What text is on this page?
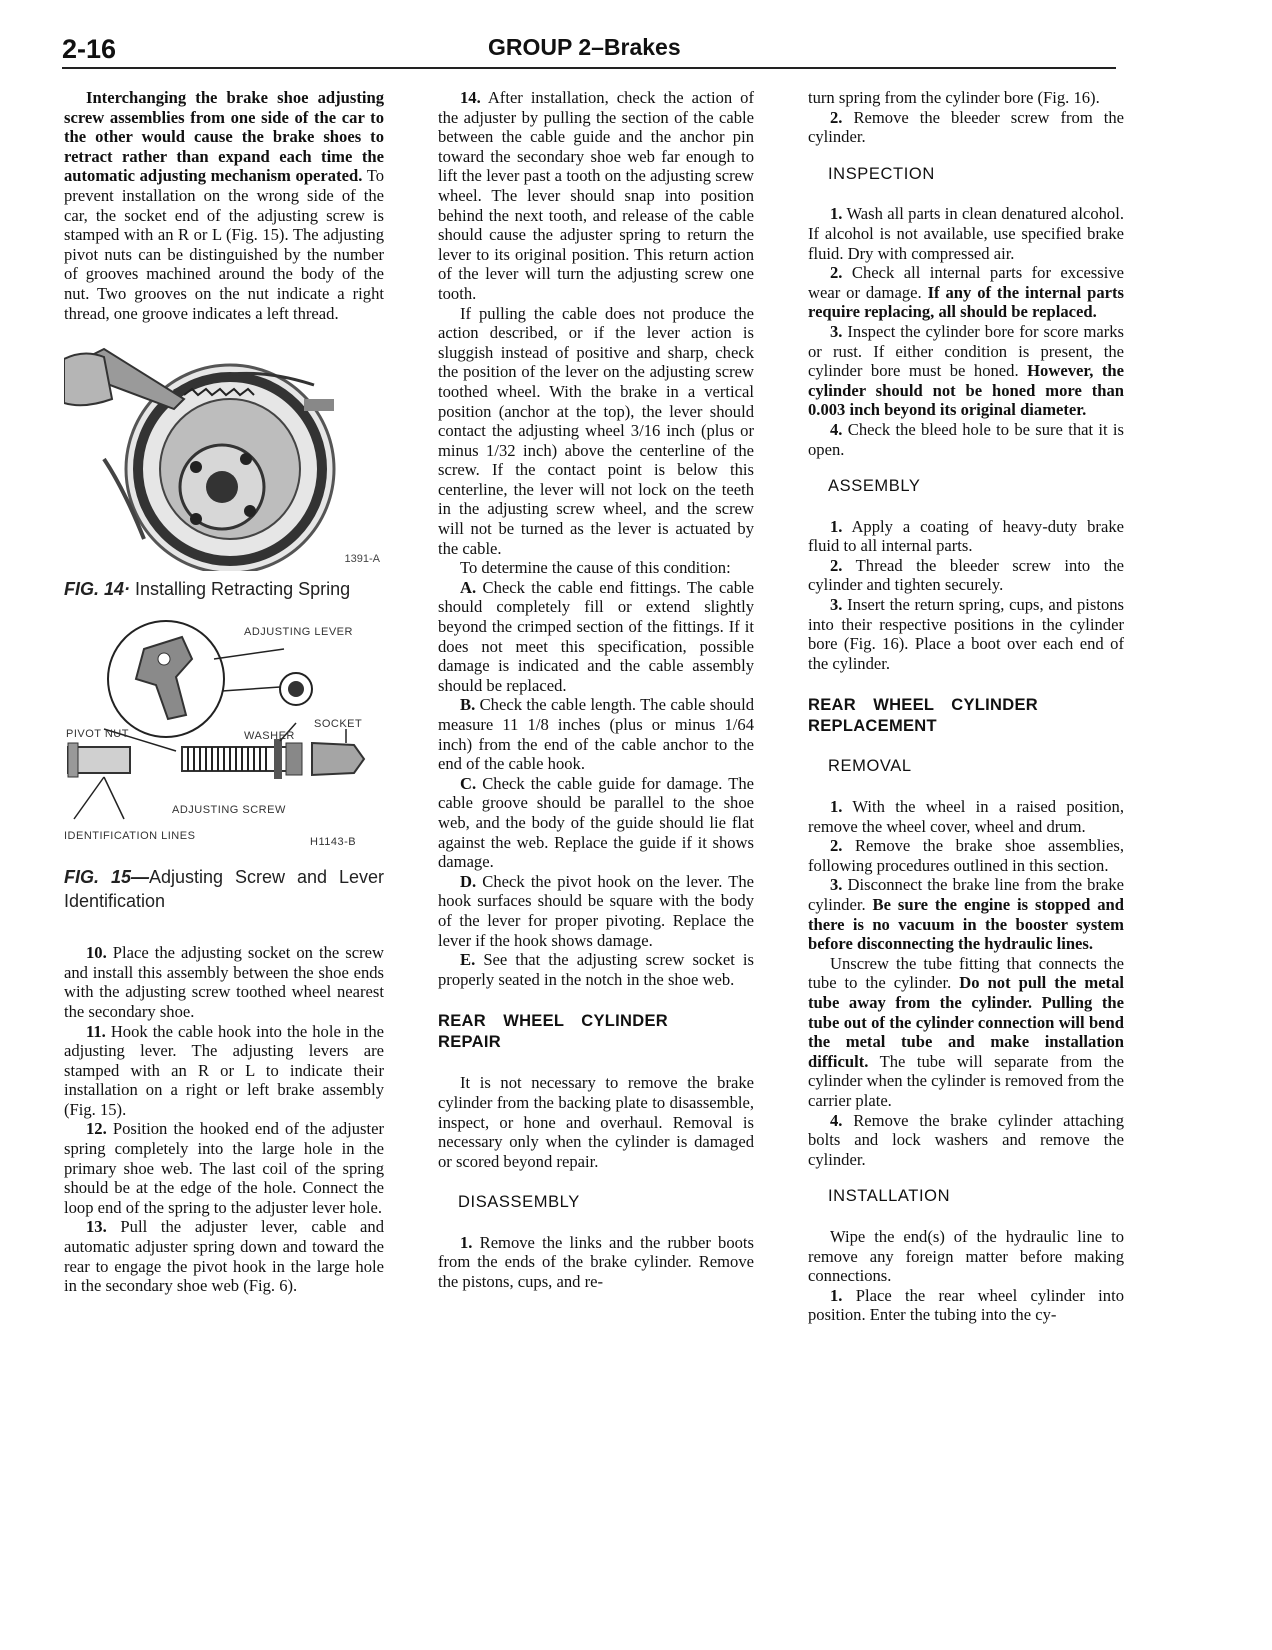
2-16	GROUP 2–Brakes

Interchanging the brake shoe adjusting screw assemblies from one side of the car to the other would cause the brake shoes to retract rather than expand each time the automatic adjusting mechanism operated. To prevent installation on the wrong side of the car, the socket end of the adjusting screw is stamped with an R or L (Fig. 15). The adjusting pivot nuts can be distinguished by the number of grooves machined around the body of the nut. Two grooves on the nut indicate a right thread, one groove indicates a left thread.

1391-A
FIG. 14· Installing Retracting Spring
ADJUSTING LEVER
PIVOT NUT	WASHER
SOCKET
ADJUSTING SCREW
IDENTIFICATION LINES	H1143-B
FIG. 15—Adjusting Screw and Lever Identification

10. Place the adjusting socket on the screw and install this assembly between the shoe ends with the adjusting screw toothed wheel nearest the secondary shoe.

11. Hook the cable hook into the hole in the adjusting lever. The adjusting levers are stamped with an R or L to indicate their installation on a right or left brake assembly (Fig. 15).

12. Position the hooked end of the adjuster spring completely into the large hole in the primary shoe web. The last coil of the spring should be at the edge of the hole. Connect the loop end of the spring to the adjuster lever hole.

13. Pull the adjuster lever, cable and automatic adjuster spring down and toward the rear to engage the pivot hook in the large hole in the secondary shoe web (Fig. 6).

14. After installation, check the action of the adjuster by pulling the section of the cable between the cable guide and the anchor pin toward the secondary shoe web far enough to lift the lever past a tooth on the adjusting screw wheel. The lever should snap into position behind the next tooth, and release of the cable should cause the adjuster spring to return the lever to its original position. This return action of the lever will turn the adjusting screw one tooth.

If pulling the cable does not produce the action described, or if the lever action is sluggish instead of positive and sharp, check the position of the lever on the adjusting screw toothed wheel. With the brake in a vertical position (anchor at the top), the lever should contact the adjusting wheel 3/16 inch (plus or minus 1/32 inch) above the centerline of the screw. If the contact point is below this centerline, the lever will not lock on the teeth in the adjusting screw wheel, and the screw will not be turned as the lever is actuated by the cable.

To determine the cause of this condition:

A. Check the cable end fittings. The cable should completely fill or extend slightly beyond the crimped section of the fittings. If it does not meet this specification, possible damage is indicated and the cable assembly should be replaced.

B. Check the cable length. The cable should measure 11 1/8 inches (plus or minus 1/64 inch) from the end of the cable anchor to the end of the cable hook.

C. Check the cable guide for damage. The cable groove should be parallel to the shoe web, and the body of the guide should lie flat against the web. Replace the guide if it shows damage.

D. Check the pivot hook on the lever. The hook surfaces should be square with the body of the lever for proper pivoting. Replace the lever if the hook shows damage.

E. See that the adjusting screw socket is properly seated in the notch in the shoe web.

REAR WHEEL CYLINDER REPAIR

It is not necessary to remove the brake cylinder from the backing plate to disassemble, inspect, or hone and overhaul. Removal is necessary only when the cylinder is damaged or scored beyond repair.

DISASSEMBLY

1. Remove the links and the rubber boots from the ends of the brake cylinder. Remove the pistons, cups, and re-

turn spring from the cylinder bore (Fig. 16).

2. Remove the bleeder screw from the cylinder.

INSPECTION

1. Wash all parts in clean denatured alcohol. If alcohol is not available, use specified brake fluid. Dry with compressed air.

2. Check all internal parts for excessive wear or damage. If any of the internal parts require replacing, all should be replaced.

3. Inspect the cylinder bore for score marks or rust. If either condition is present, the cylinder bore must be honed. However, the cylinder should not be honed more than 0.003 inch beyond its original diameter.

4. Check the bleed hole to be sure that it is open.

ASSEMBLY

1. Apply a coating of heavy-duty brake fluid to all internal parts.

2. Thread the bleeder screw into the cylinder and tighten securely.

3. Insert the return spring, cups, and pistons into their respective positions in the cylinder bore (Fig. 16). Place a boot over each end of the cylinder.

REAR WHEEL CYLINDER REPLACEMENT
REMOVAL

1. With the wheel in a raised position, remove the wheel cover, wheel and drum.

2. Remove the brake shoe assemblies, following procedures outlined in this section.

3. Disconnect the brake line from the brake cylinder. Be sure the engine is stopped and there is no vacuum in the booster system before disconnecting the hydraulic lines.

Unscrew the tube fitting that connects the tube to the cylinder. Do not pull the metal tube away from the cylinder. Pulling the tube out of the cylinder connection will bend the metal tube and make installation difficult. The tube will separate from the cylinder when the cylinder is removed from the carrier plate.

4. Remove the brake cylinder attaching bolts and lock washers and remove the cylinder.

INSTALLATION

Wipe the end(s) of the hydraulic line to remove any foreign matter before making connections.

1. Place the rear wheel cylinder into position. Enter the tubing into the cy-
